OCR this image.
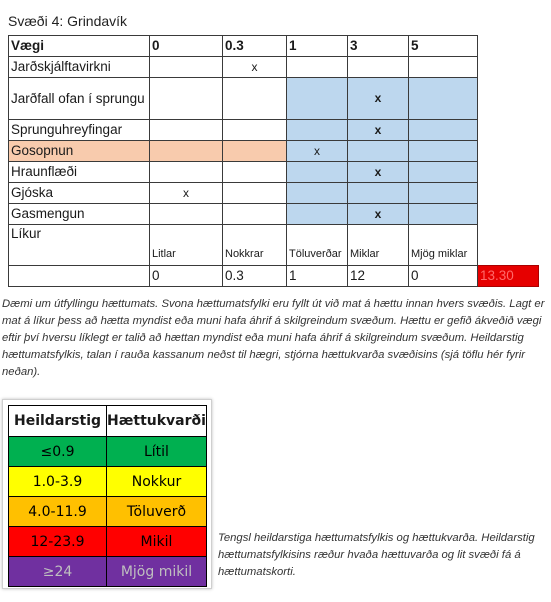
Svæði 4: Grindavík
Vægi	0	0.3	1	3	5	
Jarðskjálftavirkni		x				
Jarðfall ofan í sprungu				x		
Sprunguhreyfingar				x		
Gosopnun			x			
Hraunflæði				x		
Gjóska	x					
Gasmengun				x		
Líkur	Litlar	Nokkrar	Töluverðar	Miklar	Mjög miklar	
	0	0.3	1	12	0	13.30
Dæmi um útfyllingu hættumats. Svona hættumatsfylki eru fyllt út við mat á hættu innan hvers svæðis. Lagt er mat á líkur þess að hætta myndist eða muni hafa áhrif á skilgreindum svæðum. Hættu er gefið ákveðið vægi eftir því hversu líklegt er talið að hættan myndist eða muni hafa áhrif á skilgreindum svæðum. Heildarstig hættumatsfylkis, talan í rauða kassanum neðst til hægri, stjórna hættukvarða svæðisins (sjá töflu hér fyrir neðan).
Heildarstig	Hættukvarði
≤0.9	Lítil
1.0-3.9	Nokkur
4.0-11.9	Töluverð
12-23.9	Mikil
≥24	Mjög mikil
Tengsl heildarstiga hættumatsfylkis og hættukvarða. Heildarstig hættumatsfylkisins ræður hvaða hættuvarða og lit svæði fá á hættumatskorti.
